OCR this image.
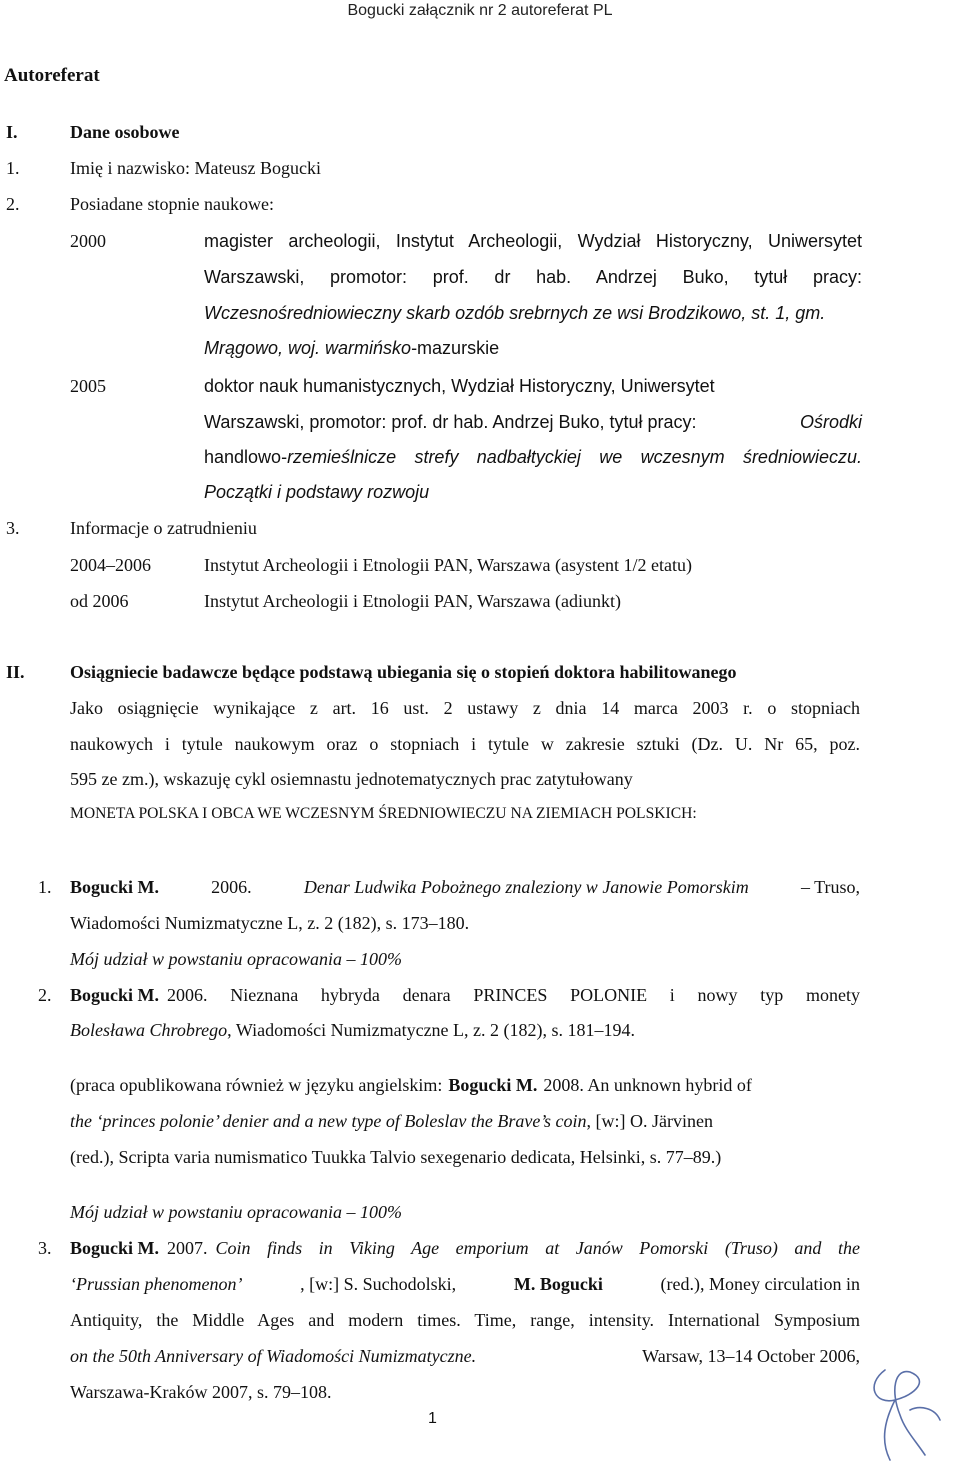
Bogucki załącznik nr 2 autoreferat PL
Autoreferat
I.	Dane osobowe
1.	Imię i nazwisko: Mateusz Bogucki
2.	Posiadane stopnie naukowe:
2000	magister archeologii, Instytut Archeologii, Wydział Historyczny, Uniwersytet
Warszawski, promotor: prof. dr hab. Andrzej Buko, tytuł pracy:
Wczesnośredniowieczny skarb ozdób srebrnych ze wsi Brodzikowo, st. 1, gm.
Mrągowo, woj. warmińsko-mazurskie
2005	doktor nauk humanistycznych, Wydział Historyczny, Uniwersytet
Warszawski, promotor: prof. dr hab. Andrzej Buko, tytuł pracy:	Ośrodki
handlowo- rzemieślnicze strefy nadbałtyckiej we wczesnym średniowieczu.
Początki i podstawy rozwoju
3.	Informacje o zatrudnieniu
2004–2006	Instytut Archeologii i Etnologii PAN, Warszawa (asystent 1/2 etatu)
od 2006	Instytut Archeologii i Etnologii PAN, Warszawa (adiunkt)
II.	Osiągniecie badawcze będące podstawą ubiegania się o stopień doktora habilitowanego
Jako osiągnięcie wynikające z art. 16 ust. 2 ustawy z dnia 14 marca 2003 r. o stopniach
naukowych i tytule naukowym oraz o stopniach i tytule w zakresie sztuki (Dz. U. Nr 65, poz.
595 ze zm.), wskazuję cykl osiemnastu jednotematycznych prac zatytułowany
MONETA POLSKA I OBCA WE WCZESNYM ŚREDNIOWIECZU NA ZIEMIACH POLSKICH:
1. Bogucki M.	2006.	Denar Ludwika Pobożnego znaleziony w Janowie Pomorskim	– Truso,
Wiadomości Numizmatyczne L, z. 2 (182), s. 173–180.
Mój udział w powstaniu opracowania – 100%
2. Bogucki M. 2006. Nieznana hybryda denara PRINCES POLONIE i nowy typ monety
Bolesława Chrobrego, Wiadomości Numizmatyczne L, z. 2 (182), s. 181–194.
(praca opublikowana również w języku angielskim: Bogucki M. 2008. An unknown hybrid of
the ‘princes polonie’ denier and a new type of Boleslav the Brave’s coin, [w:] O. Järvinen
(red.), Scripta varia numismatico Tuukka Talvio sexegenario dedicata, Helsinki, s. 77–89.)
Mój udział w powstaniu opracowania – 100%
3. Bogucki M. 2007. Coin finds in Viking Age emporium at Janów Pomorski (Truso) and the
‘Prussian phenomenon’	, [w:] S. Suchodolski,	M. Bogucki	(red.), Money circulation in
Antiquity, the Middle Ages and modern times. Time, range, intensity. International Symposium
on the 50th Anniversary of Wiadomości Numizmatyczne.	Warsaw, 13–14 October 2006,
Warszawa-Kraków 2007, s. 79–108.
1
